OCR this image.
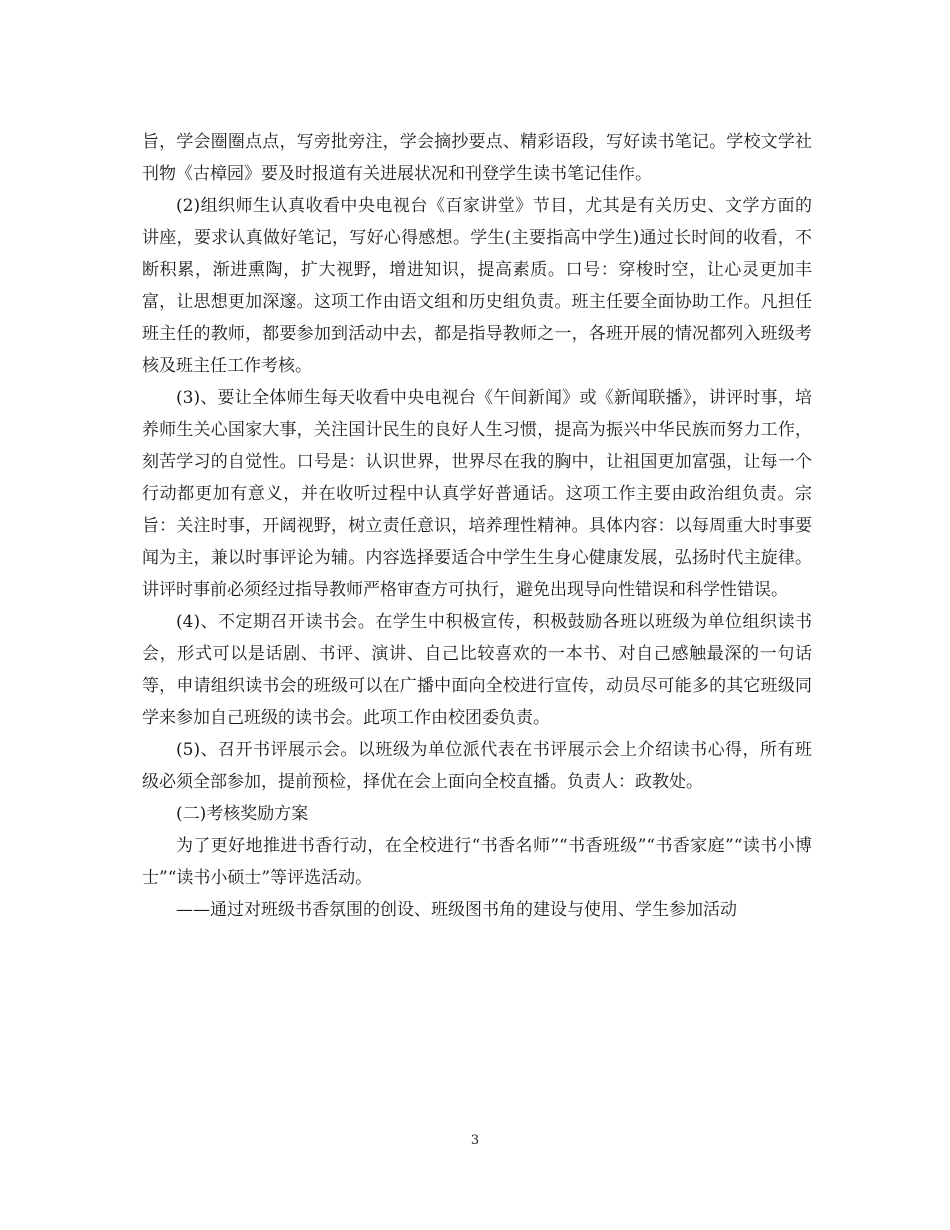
旨，学会圈圈点点，写旁批旁注，学会摘抄要点、精彩语段，写好读书笔记。学校文学社刊物《古樟园》要及时报道有关进展状况和刊登学生读书笔记佳作。

(2)组织师生认真收看中央电视台《百家讲堂》节目，尤其是有关历史、文学方面的讲座，要求认真做好笔记，写好心得感想。学生(主要指高中学生)通过长时间的收看，不断积累，渐进熏陶，扩大视野，增进知识，提高素质。口号：穿梭时空，让心灵更加丰富，让思想更加深邃。这项工作由语文组和历史组负责。班主任要全面协助工作。凡担任班主任的教师，都要参加到活动中去，都是指导教师之一，各班开展的情况都列入班级考核及班主任工作考核。

(3)、要让全体师生每天收看中央电视台《午间新闻》或《新闻联播》，讲评时事，培养师生关心国家大事，关注国计民生的良好人生习惯，提高为振兴中华民族而努力工作，刻苦学习的自觉性。口号是：认识世界，世界尽在我的胸中，让祖国更加富强，让每一个行动都更加有意义，并在收听过程中认真学好普通话。这项工作主要由政治组负责。宗旨：关注时事，开阔视野，树立责任意识，培养理性精神。具体内容：以每周重大时事要闻为主，兼以时事评论为辅。内容选择要适合中学生生身心健康发展，弘扬时代主旋律。讲评时事前必须经过指导教师严格审查方可执行，避免出现导向性错误和科学性错误。

(4)、不定期召开读书会。在学生中积极宣传，积极鼓励各班以班级为单位组织读书会，形式可以是话剧、书评、演讲、自己比较喜欢的一本书、对自己感触最深的一句话等，申请组织读书会的班级可以在广播中面向全校进行宣传，动员尽可能多的其它班级同学来参加自己班级的读书会。此项工作由校团委负责。

(5)、召开书评展示会。以班级为单位派代表在书评展示会上介绍读书心得，所有班级必须全部参加，提前预检，择优在会上面向全校直播。负责人：政教处。

(二)考核奖励方案

为了更好地推进书香行动，在全校进行“书香名师”“书香班级”“书香家庭”“读书小博士”“读书小硕士”等评选活动。

——通过对班级书香氛围的创设、班级图书角的建设与使用、学生参加活动

3
